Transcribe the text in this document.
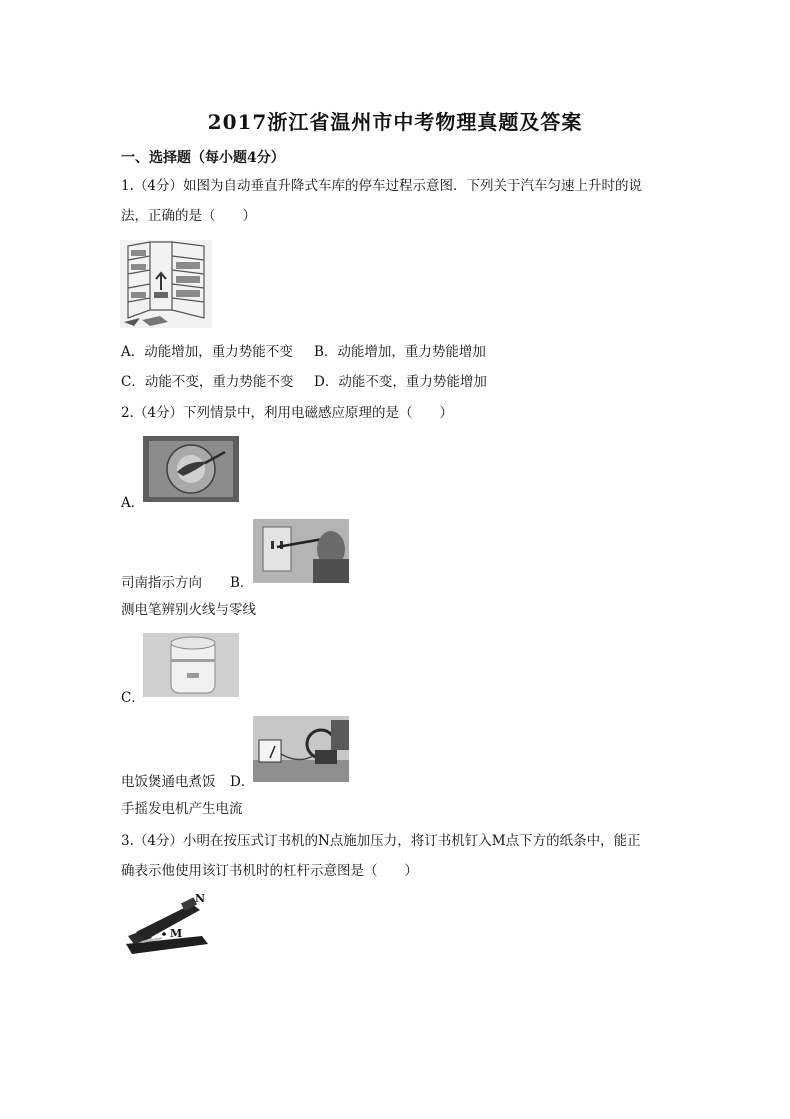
2017浙江省温州市中考物理真题及答案
一、选择题（每小题4分）
1.（4分）如图为自动垂直升降式车库的停车过程示意图．下列关于汽车匀速上升时的说
法，正确的是（　　）
A．动能增加，重力势能不变 B．动能增加，重力势能增加
C．动能不变，重力势能不变 D．动能不变，重力势能增加
2.（4分）下列情景中，利用电磁感应原理的是（　　）
A．
司南指示方向 B．
测电笔辨别火线与零线
C．
电饭煲通电煮饭 D．
手摇发电机产生电流
3.（4分）小明在按压式订书机的N点施加压力，将订书机钉入M点下方的纸条中，能正
确表示他使用该订书机时的杠杆示意图是（　　）
N
M
